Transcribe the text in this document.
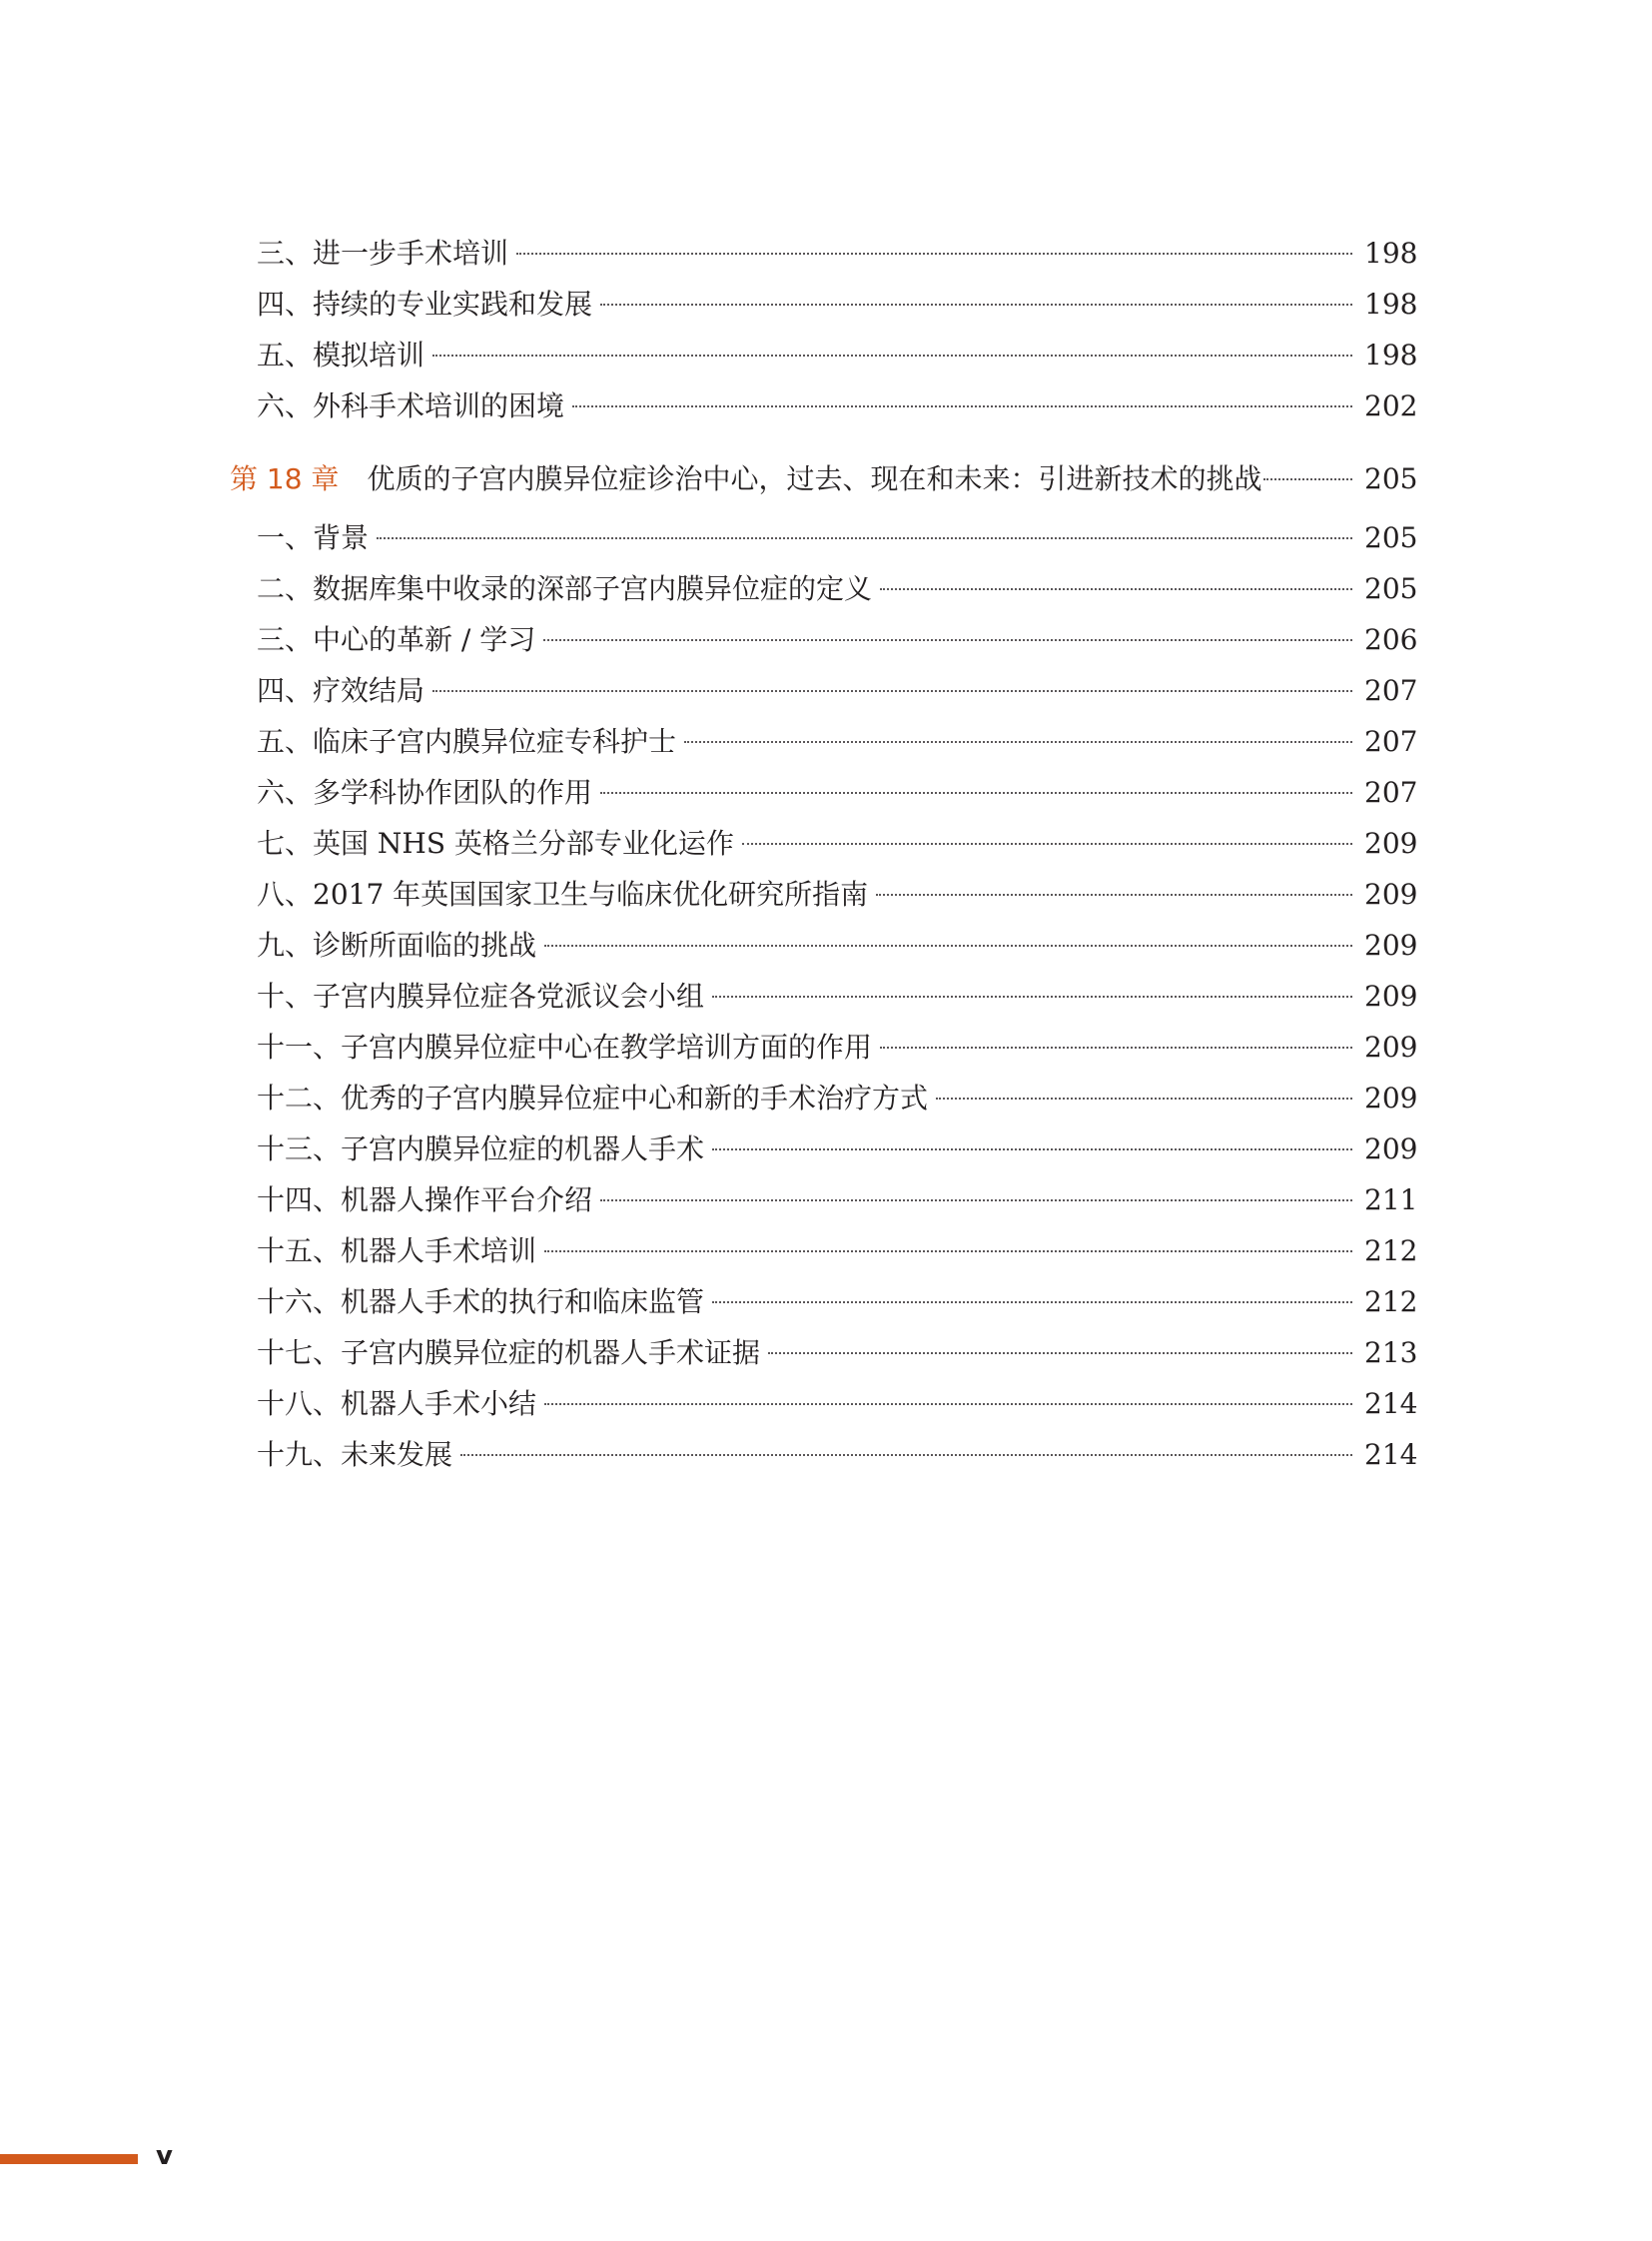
三、进一步手术培训	198
四、持续的专业实践和发展	198
五、模拟培训	198
六、外科手术培训的困境	202
第 18 章 优质的子宫内膜异位症诊治中心，过去、现在和未来：引进新技术的挑战	205
一、背景	205
二、数据库集中收录的深部子宫内膜异位症的定义	205
三、中心的革新 / 学习	206
四、疗效结局	207
五、临床子宫内膜异位症专科护士	207
六、多学科协作团队的作用	207
七、英国 NHS 英格兰分部专业化运作	209
八、2017 年英国国家卫生与临床优化研究所指南	209
九、诊断所面临的挑战	209
十、子宫内膜异位症各党派议会小组	209
十一、子宫内膜异位症中心在教学培训方面的作用	209
十二、优秀的子宫内膜异位症中心和新的手术治疗方式	209
十三、子宫内膜异位症的机器人手术	209
十四、机器人操作平台介绍	211
十五、机器人手术培训	212
十六、机器人手术的执行和临床监管	212
十七、子宫内膜异位症的机器人手术证据	213
十八、机器人手术小结	214
十九、未来发展	214
v
